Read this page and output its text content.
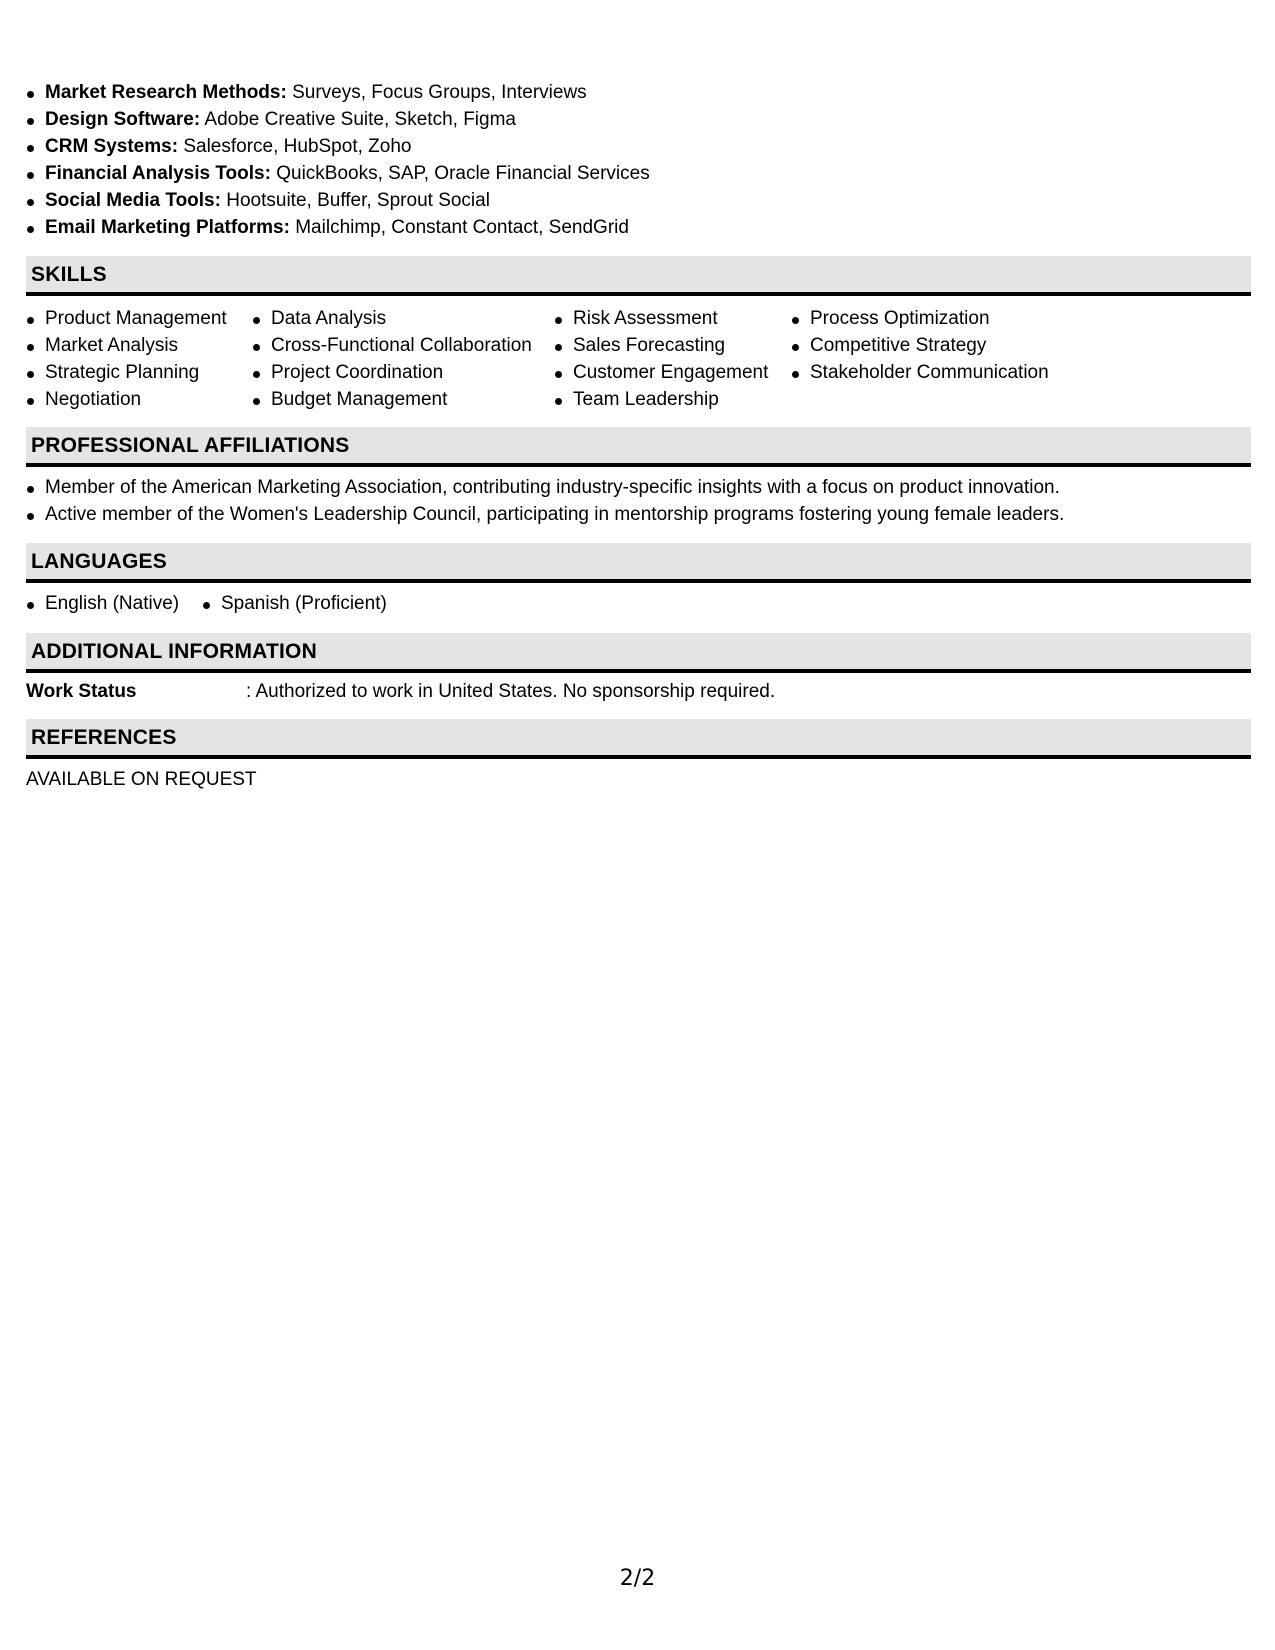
Market Research Methods: Surveys, Focus Groups, Interviews
Design Software: Adobe Creative Suite, Sketch, Figma
CRM Systems: Salesforce, HubSpot, Zoho
Financial Analysis Tools: QuickBooks, SAP, Oracle Financial Services
Social Media Tools: Hootsuite, Buffer, Sprout Social
Email Marketing Platforms: Mailchimp, Constant Contact, SendGrid
SKILLS
Product Management
Market Analysis
Strategic Planning
Negotiation
Data Analysis
Cross-Functional Collaboration
Project Coordination
Budget Management
Risk Assessment
Sales Forecasting
Customer Engagement
Team Leadership
Process Optimization
Competitive Strategy
Stakeholder Communication
PROFESSIONAL AFFILIATIONS
Member of the American Marketing Association, contributing industry-specific insights with a focus on product innovation.
Active member of the Women's Leadership Council, participating in mentorship programs fostering young female leaders.
LANGUAGES
English (Native)	Spanish (Proficient)
ADDITIONAL INFORMATION
Work Status	: Authorized to work in United States. No sponsorship required.
REFERENCES
AVAILABLE ON REQUEST
2/2
